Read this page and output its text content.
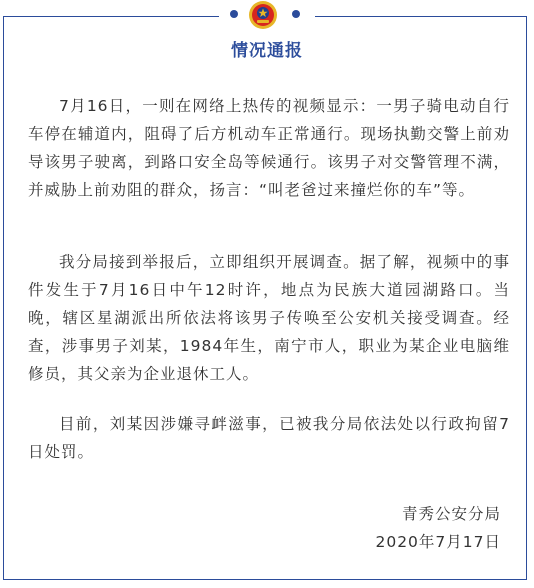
情况通报

7月16日，一则在网络上热传的视频显示：一男子骑电动自行车停在辅道内，阻碍了后方机动车正常通行。现场执勤交警上前劝导该男子驶离，到路口安全岛等候通行。该男子对交警管理不满，并威胁上前劝阻的群众，扬言：“叫老爸过来撞烂你的车”等。

我分局接到举报后，立即组织开展调查。据了解，视频中的事件发生于7月16日中午12时许，地点为民族大道园湖路口。当晚，辖区星湖派出所依法将该男子传唤至公安机关接受调查。经查，涉事男子刘某，1984年生，南宁市人，职业为某企业电脑维修员，其父亲为企业退休工人。

目前，刘某因涉嫌寻衅滋事，已被我分局依法处以行政拘留7日处罚。

青秀公安分局
2020年7月17日
